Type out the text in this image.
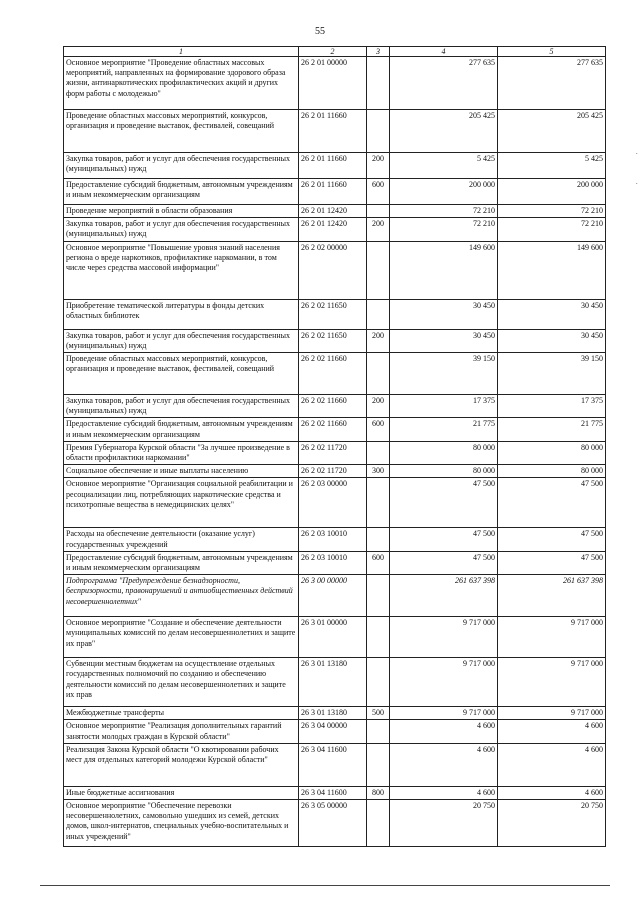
55
1	2	3	4	5
Основное мероприятие "Проведение областных массовых мероприятий, направленных на формирование здорового образа жизни, антинаркотических профилактических акций и других форм работы с молодежью"	26 2 01 00000		277 635	277 635
Проведение областных массовых мероприятий, конкурсов, организация и проведение выставок, фестивалей, совещаний	26 2 01 11660		205 425	205 425
Закупка товаров, работ и услуг для обеспечения государственных (муниципальных) нужд	26 2 01 11660	200	5 425	5 425
Предоставление субсидий бюджетным, автономным учреждениям и иным некоммерческим организациям	26 2 01 11660	600	200 000	200 000
Проведение мероприятий в области образования	26 2 01 12420		72 210	72 210
Закупка товаров, работ и услуг для обеспечения государственных (муниципальных) нужд	26 2 01 12420	200	72 210	72 210
Основное мероприятие "Повышение уровня знаний населения региона о вреде наркотиков, профилактике наркомании, в том числе через средства массовой информации"	26 2 02 00000		149 600	149 600
Приобретение тематической литературы в фонды детских областных библиотек	26 2 02 11650		30 450	30 450
Закупка товаров, работ и услуг для обеспечения государственных (муниципальных) нужд	26 2 02 11650	200	30 450	30 450
Проведение областных массовых мероприятий, конкурсов, организация и проведение выставок, фестивалей, совещаний	26 2 02 11660		39 150	39 150
Закупка товаров, работ и услуг для обеспечения государственных (муниципальных) нужд	26 2 02 11660	200	17 375	17 375
Предоставление субсидий бюджетным, автономным учреждениям и иным некоммерческим организациям	26 2 02 11660	600	21 775	21 775
Премия Губернатора Курской области "За лучшее произведение в области профилактики наркомании"	26 2 02 11720		80 000	80 000
Социальное обеспечение и иные выплаты населению	26 2 02 11720	300	80 000	80 000
Основное мероприятие "Организация социальной реабилитации и ресоциализации лиц, потребляющих наркотические средства и психотропные вещества в немедицинских целях"	26 2 03 00000		47 500	47 500
Расходы на обеспечение деятельности (оказание услуг) государственных учреждений	26 2 03 10010		47 500	47 500
Предоставление субсидий бюджетным, автономным учреждениям и иным некоммерческим организациям	26 2 03 10010	600	47 500	47 500
Подпрограмма "Предупреждение безнадзорности, беспризорности, правонарушений и антиобщественных действий несовершеннолетних"	26 3 00 00000		261 637 398	261 637 398
Основное мероприятие "Создание и обеспечение деятельности муниципальных комиссий по делам несовершеннолетних и защите их прав"	26 3 01 00000		9 717 000	9 717 000
Субвенции местным бюджетам на осуществление отдельных государственных полномочий по созданию и обеспечению деятельности комиссий по делам несовершеннолетних и защите их прав	26 3 01 13180		9 717 000	9 717 000
Межбюджетные трансферты	26 3 01 13180	500	9 717 000	9 717 000
Основное мероприятие "Реализация дополнительных гарантий занятости молодых граждан в Курской области"	26 3 04 00000		4 600	4 600
Реализация Закона Курской области "О квотировании рабочих мест для отдельных категорий молодежи Курской области"	26 3 04 11600		4 600	4 600
Иные бюджетные ассигнования	26 3 04 11600	800	4 600	4 600
Основное мероприятие "Обеспечение перевозки несовершеннолетних, самовольно ушедших из семей, детских домов, школ-интернатов, специальных учебно-воспитательных и иных учреждений"	26 3 05 00000		20 750	20 750
·
·
